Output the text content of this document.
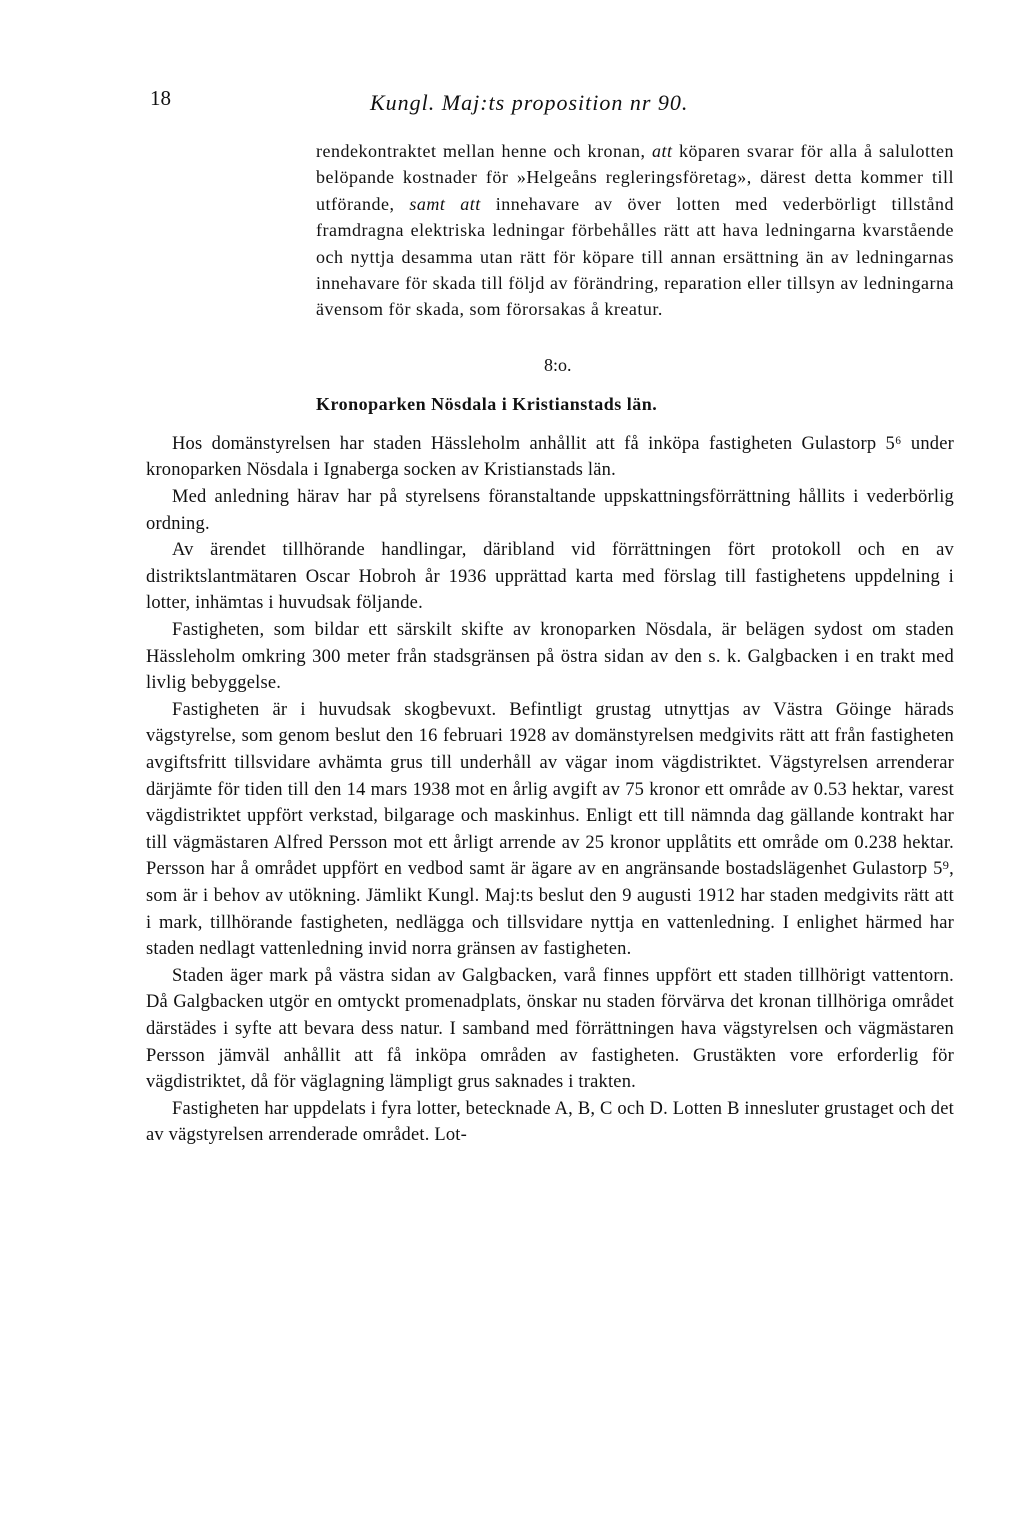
18	Kungl. Maj:ts proposition nr 90.

rendekontraktet mellan henne och kronan, att köparen svarar för alla å salulotten belöpande kostnader för »Helgeåns regleringsföretag», därest detta kommer till utförande, samt att innehavare av över lotten med vederbörligt tillstånd framdragna elektriska ledningar förbehålles rätt att hava ledningarna kvarstående och nyttja desamma utan rätt för köpare till annan ersättning än av ledningarnas innehavare för skada till följd av förändring, reparation eller tillsyn av ledningarna ävensom för skada, som förorsakas å kreatur.

8:o.
Kronoparken Nösdala i Kristianstads län.

Hos domänstyrelsen har staden Hässleholm anhållit att få inköpa fastigheten Gulastorp 5⁶ under kronoparken Nösdala i Ignaberga socken av Kristianstads län.

Med anledning härav har på styrelsens föranstaltande uppskattningsförrättning hållits i vederbörlig ordning.

Av ärendet tillhörande handlingar, däribland vid förrättningen fört protokoll och en av distriktslantmätaren Oscar Hobroh år 1936 upprättad karta med förslag till fastighetens uppdelning i lotter, inhämtas i huvudsak följande.

Fastigheten, som bildar ett särskilt skifte av kronoparken Nösdala, är belägen sydost om staden Hässleholm omkring 300 meter från stadsgränsen på östra sidan av den s. k. Galgbacken i en trakt med livlig bebyggelse.

Fastigheten är i huvudsak skogbevuxt. Befintligt grustag utnyttjas av Västra Göinge härads vägstyrelse, som genom beslut den 16 februari 1928 av domänstyrelsen medgivits rätt att från fastigheten avgiftsfritt tillsvidare avhämta grus till underhåll av vägar inom vägdistriktet. Vägstyrelsen arrenderar därjämte för tiden till den 14 mars 1938 mot en årlig avgift av 75 kronor ett område av 0.53 hektar, varest vägdistriktet uppfört verkstad, bilgarage och maskinhus. Enligt ett till nämnda dag gällande kontrakt har till vägmästaren Alfred Persson mot ett årligt arrende av 25 kronor upplåtits ett område om 0.238 hektar. Persson har å området uppfört en vedbod samt är ägare av en angränsande bostadslägenhet Gulastorp 5⁹, som är i behov av utökning. Jämlikt Kungl. Maj:ts beslut den 9 augusti 1912 har staden medgivits rätt att i mark, tillhörande fastigheten, nedlägga och tillsvidare nyttja en vattenledning. I enlighet härmed har staden nedlagt vattenledning invid norra gränsen av fastigheten.

Staden äger mark på västra sidan av Galgbacken, varå finnes uppfört ett staden tillhörigt vattentorn. Då Galgbacken utgör en omtyckt promenadplats, önskar nu staden förvärva det kronan tillhöriga området därstädes i syfte att bevara dess natur. I samband med förrättningen hava vägstyrelsen och vägmästaren Persson jämväl anhållit att få inköpa områden av fastigheten. Grustäkten vore erforderlig för vägdistriktet, då för väglagning lämpligt grus saknades i trakten.

Fastigheten har uppdelats i fyra lotter, betecknade A, B, C och D. Lotten B innesluter grustaget och det av vägstyrelsen arrenderade området. Lot-
